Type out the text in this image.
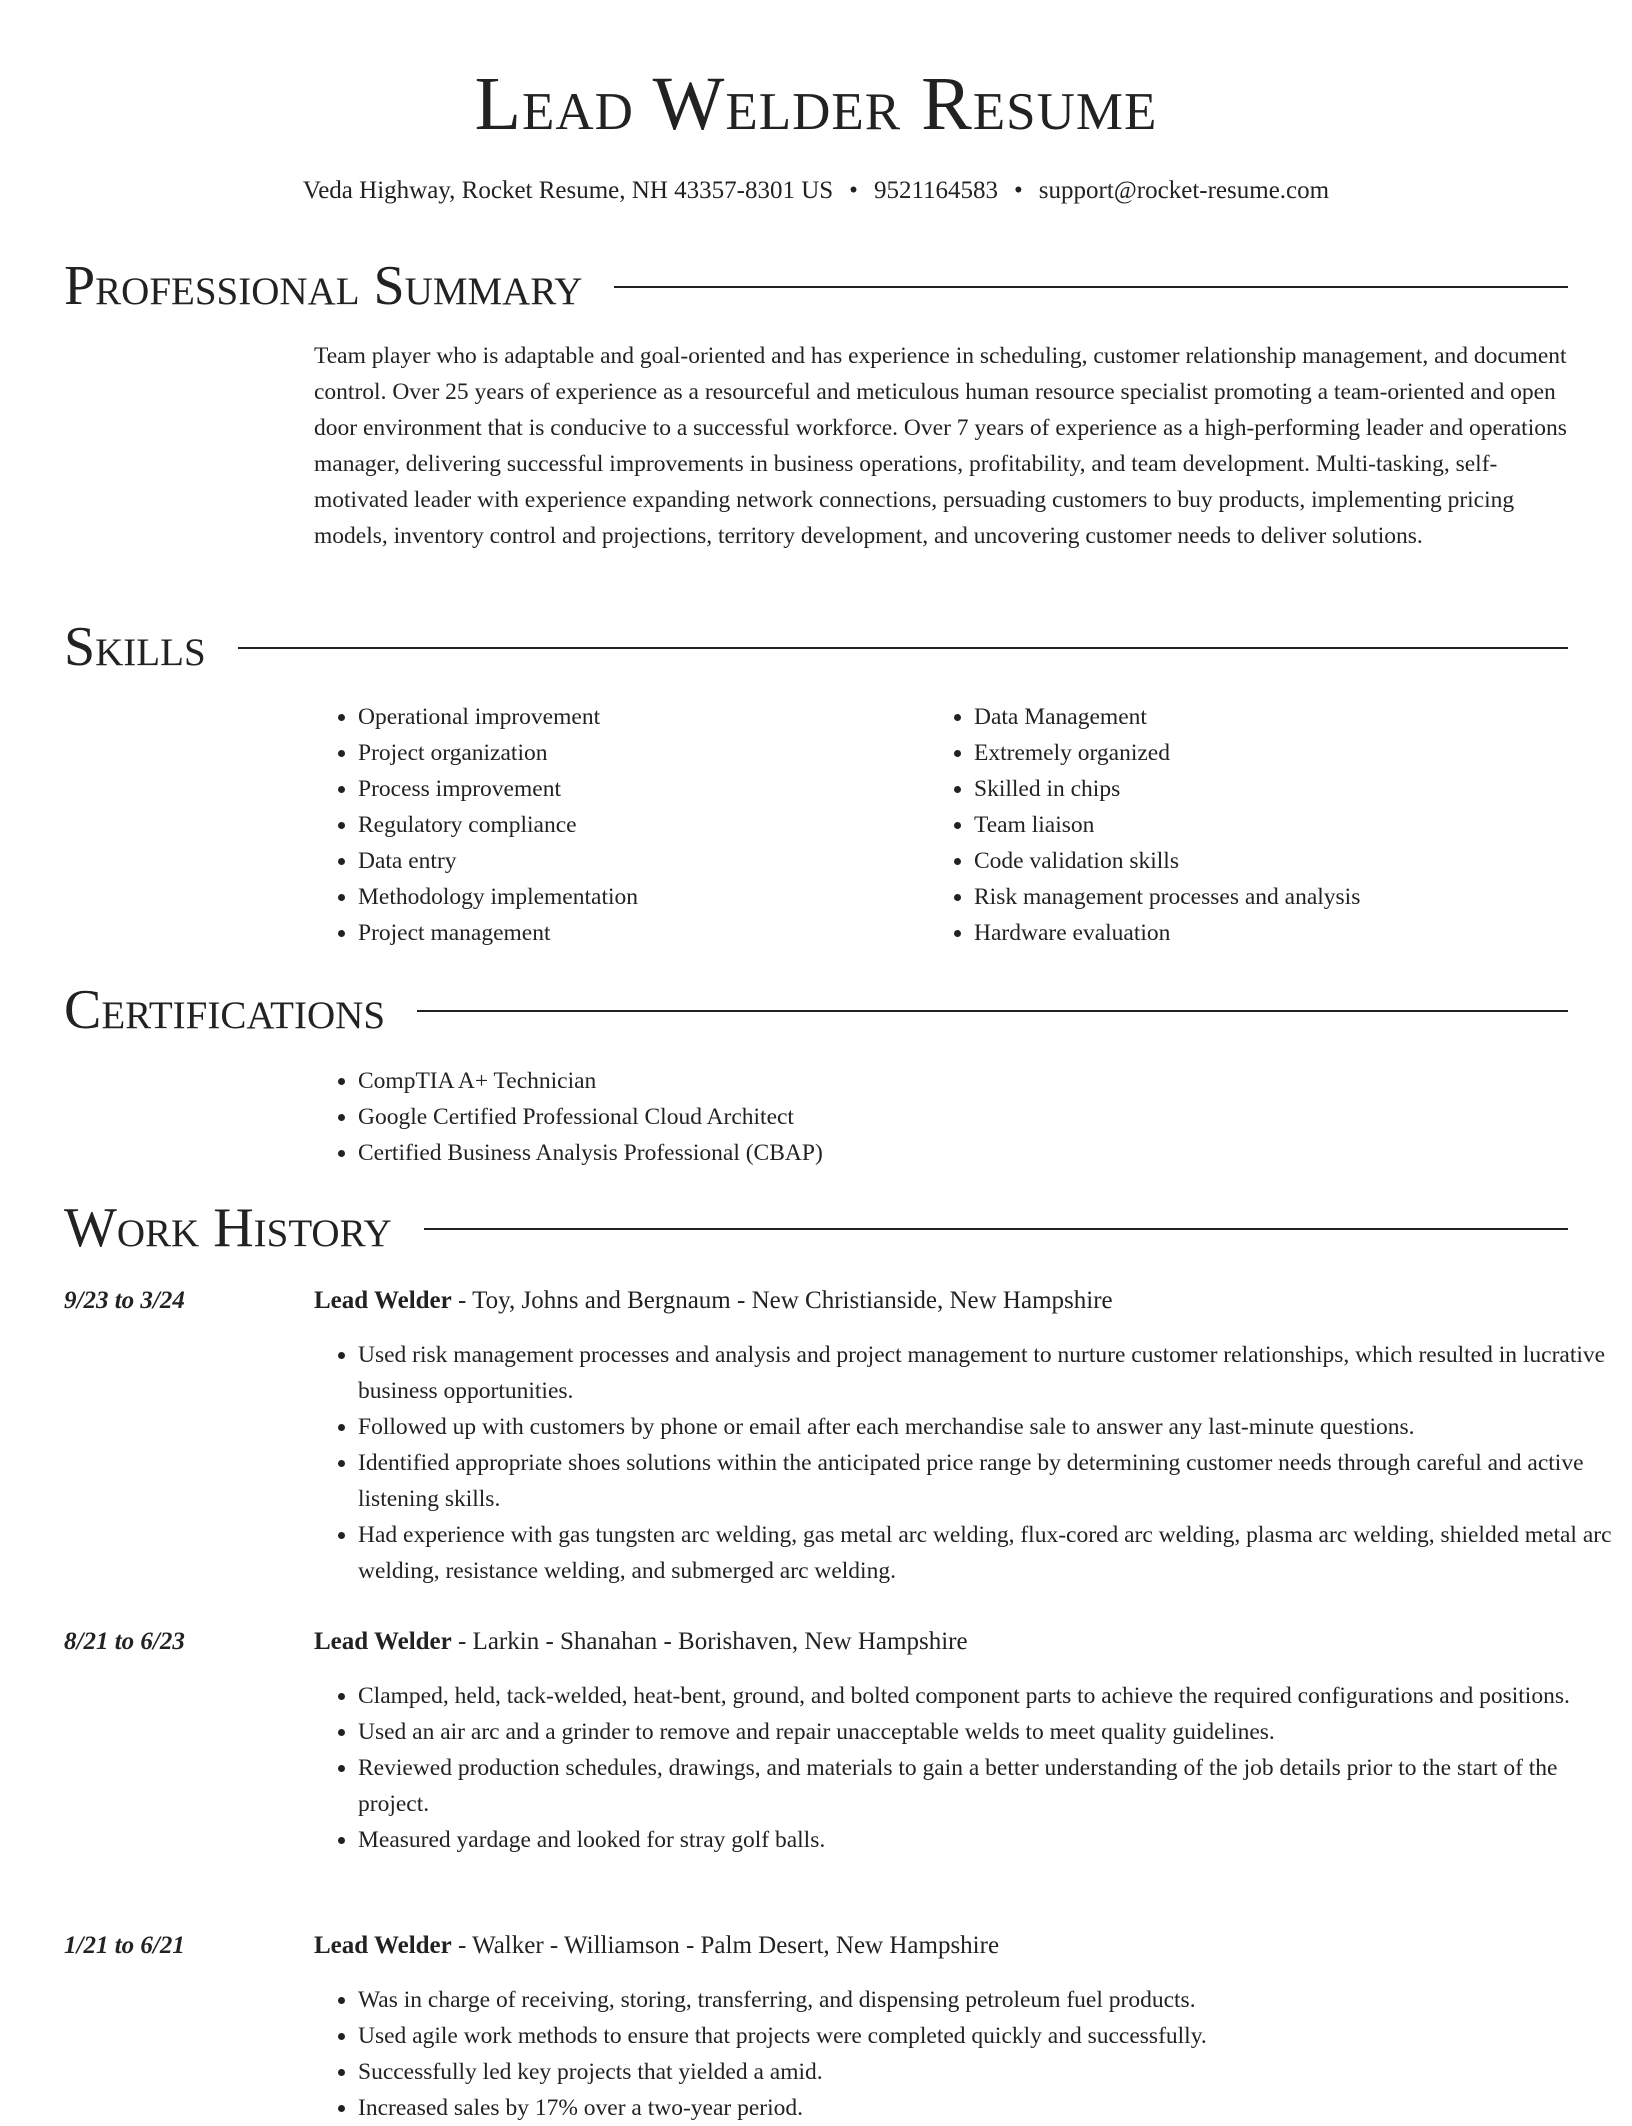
Lead Welder Resume
Veda Highway, Rocket Resume, NH 43357-8301 US • 9521164583 • support@rocket-resume.com
Professional Summary

Team player who is adaptable and goal-oriented and has experience in scheduling, customer relationship management, and document control. Over 25 years of experience as a resourceful and meticulous human resource specialist promoting a team-oriented and open door environment that is conducive to a successful workforce. Over 7 years of experience as a high-performing leader and operations manager, delivering successful improvements in business operations, profitability, and team development. Multi-tasking, self-motivated leader with experience expanding network connections, persuading customers to buy products, implementing pricing models, inventory control and projections, territory development, and uncovering customer needs to deliver solutions.

Skills
• Operational improvement
• Project organization
• Process improvement
• Regulatory compliance
• Data entry
• Methodology implementation
• Project management
• Data Management
• Extremely organized
• Skilled in chips
• Team liaison
• Code validation skills
• Risk management processes and analysis
• Hardware evaluation
Certifications
• CompTIA A+ Technician
• Google Certified Professional Cloud Architect
• Certified Business Analysis Professional (CBAP)
Work History
9/23 to 3/24	Lead Welder - Toy, Johns and Bergnaum - New Christianside, New Hampshire
• Used risk management processes and analysis and project management to nurture customer relationships, which resulted in lucrative business opportunities.
• Followed up with customers by phone or email after each merchandise sale to answer any last-minute questions.
• Identified appropriate shoes solutions within the anticipated price range by determining customer needs through careful and active listening skills.
• Had experience with gas tungsten arc welding, gas metal arc welding, flux-cored arc welding, plasma arc welding, shielded metal arc welding, resistance welding, and submerged arc welding.
8/21 to 6/23	Lead Welder - Larkin - Shanahan - Borishaven, New Hampshire
• Clamped, held, tack-welded, heat-bent, ground, and bolted component parts to achieve the required configurations and positions.
• Used an air arc and a grinder to remove and repair unacceptable welds to meet quality guidelines.
• Reviewed production schedules, drawings, and materials to gain a better understanding of the job details prior to the start of the project.
• Measured yardage and looked for stray golf balls.
1/21 to 6/21	Lead Welder - Walker - Williamson - Palm Desert, New Hampshire
• Was in charge of receiving, storing, transferring, and dispensing petroleum fuel products.
• Used agile work methods to ensure that projects were completed quickly and successfully.
• Successfully led key projects that yielded a amid.
• Increased sales by 17% over a two-year period.
